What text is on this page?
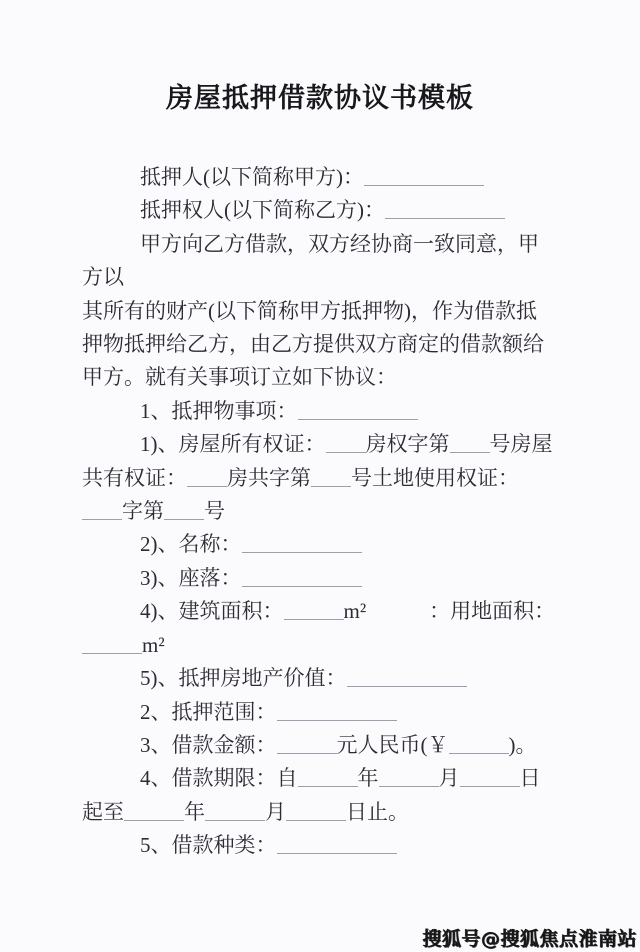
房屋抵押借款协议书模板
抵押人(以下简称甲方)：
抵押权人(以下简称乙方)：
甲方向乙方借款，双方经协商一致同意，甲方以
其所有的财产(以下简称甲方抵押物)，作为借款抵
押物抵押给乙方，由乙方提供双方商定的借款额给
甲方。就有关事项订立如下协议：
1、抵押物事项：
1)、房屋所有权证： 房权字第 号房屋
共有权证： 房共字第 号土地使用权证：
字第 号
2)、名称：
3)、座落：
4)、建筑面积：	m²　　　：用地面积：
m²
5)、抵押房地产价值：
2、抵押范围：
3、借款金额：	元人民币(￥	)。
4、借款期限：自	年	月	日
起至	年	月	日止。
5、借款种类：
搜狐号@搜狐焦点淮南站
